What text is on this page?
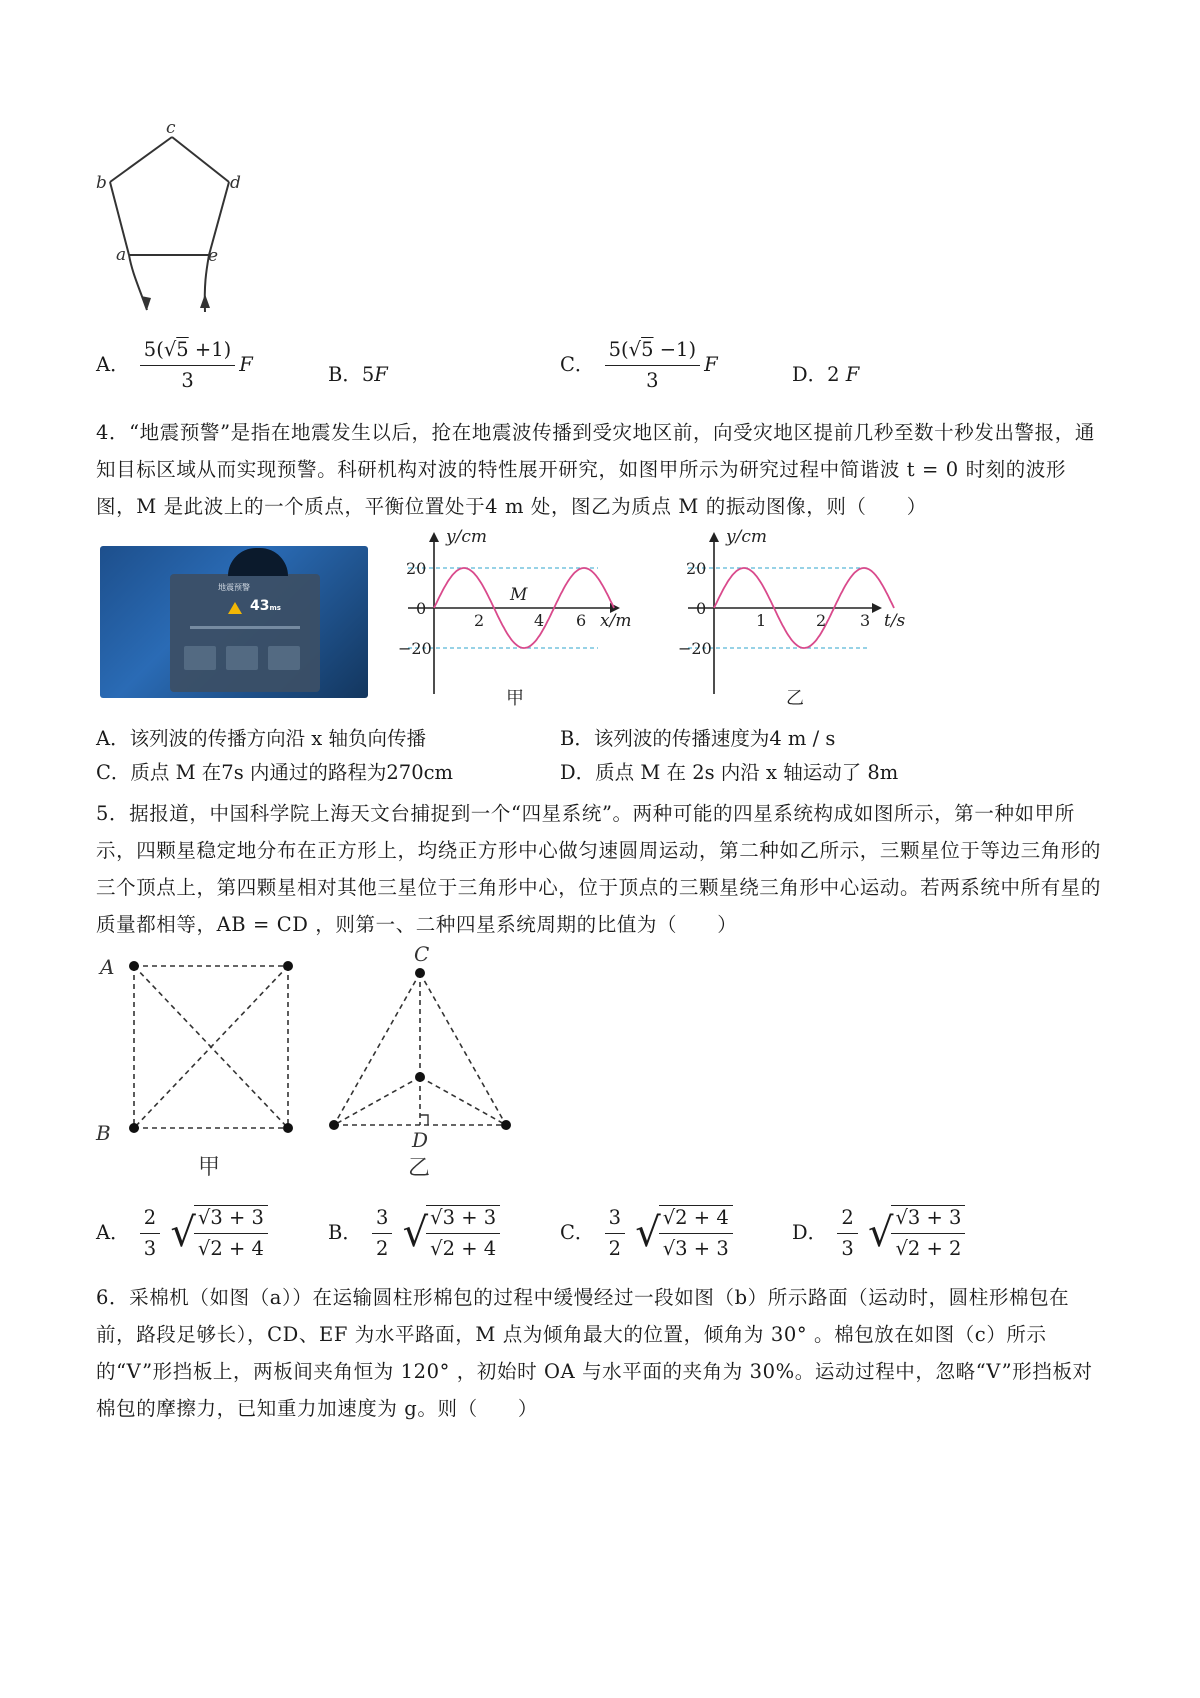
c
b	d
a	e
A． $\frac{5(√5 +1)}{3}$ F	B．5F	C． $\frac{5(√5 -1)}{3}$ F	D．2 F
4．“地震预警”是指在地震发生以后，抢在地震波传播到受灾地区前，向受灾地区提前几秒至数十秒发出警报，通知目标区域从而实现预警。科研机构对波的特性展开研究，如图甲所示为研究过程中简谐波 t = 0 时刻的波形图，M 是此波上的一个质点，平衡位置处于4 m 处，图乙为质点 M 的振动图像，则（　　）
地震预警
43ms
y/cm
x/m
20
0
−20
2	4 6
M
甲
y/cm
t/s
20
0
−20
1	2 3
乙
A．该列波的传播方向沿 x 轴负向传播	B．该列波的传播速度为4 m / s
C．质点 M 在7s 内通过的路程为270cm	D．质点 M 在 2s 内沿 x 轴运动了 8m
5．据报道，中国科学院上海天文台捕捉到一个“四星系统”。两种可能的四星系统构成如图所示，第一种如甲所示，四颗星稳定地分布在正方形上，均绕正方形中心做匀速圆周运动，第二种如乙所示，三颗星位于等边三角形的三个顶点上，第四颗星相对其他三星位于三角形中心，位于顶点的三颗星绕三角形中心运动。若两系统中所有星的质量都相等，AB = CD ，则第一、二种四星系统周期的比值为（　　）
A
B
甲
C
D
乙
A． $\frac{2}{3}$ √
$\frac{√3 + 3}{√2 + 4}$	B． $\frac{3}{2}$ √
$\frac{√3 + 3}{√2 + 4}$	C． $\frac{3}{2}$ √
$\frac{√2 + 4}{√3 + 3}$	D． $\frac{2}{3}$ √
$\frac{√3 + 3}{√2 + 2}$
6．采棉机（如图（a））在运输圆柱形棉包的过程中缓慢经过一段如图（b）所示路面（运动时，圆柱形棉包在前，路段足够长），CD、EF 为水平路面，M 点为倾角最大的位置，倾角为 30° 。棉包放在如图（c）所示的“V”形挡板上，两板间夹角恒为 120° ，初始时 OA 与水平面的夹角为 30%。运动过程中，忽略“V”形挡板对棉包的摩擦力，已知重力加速度为 g。则（　　）
